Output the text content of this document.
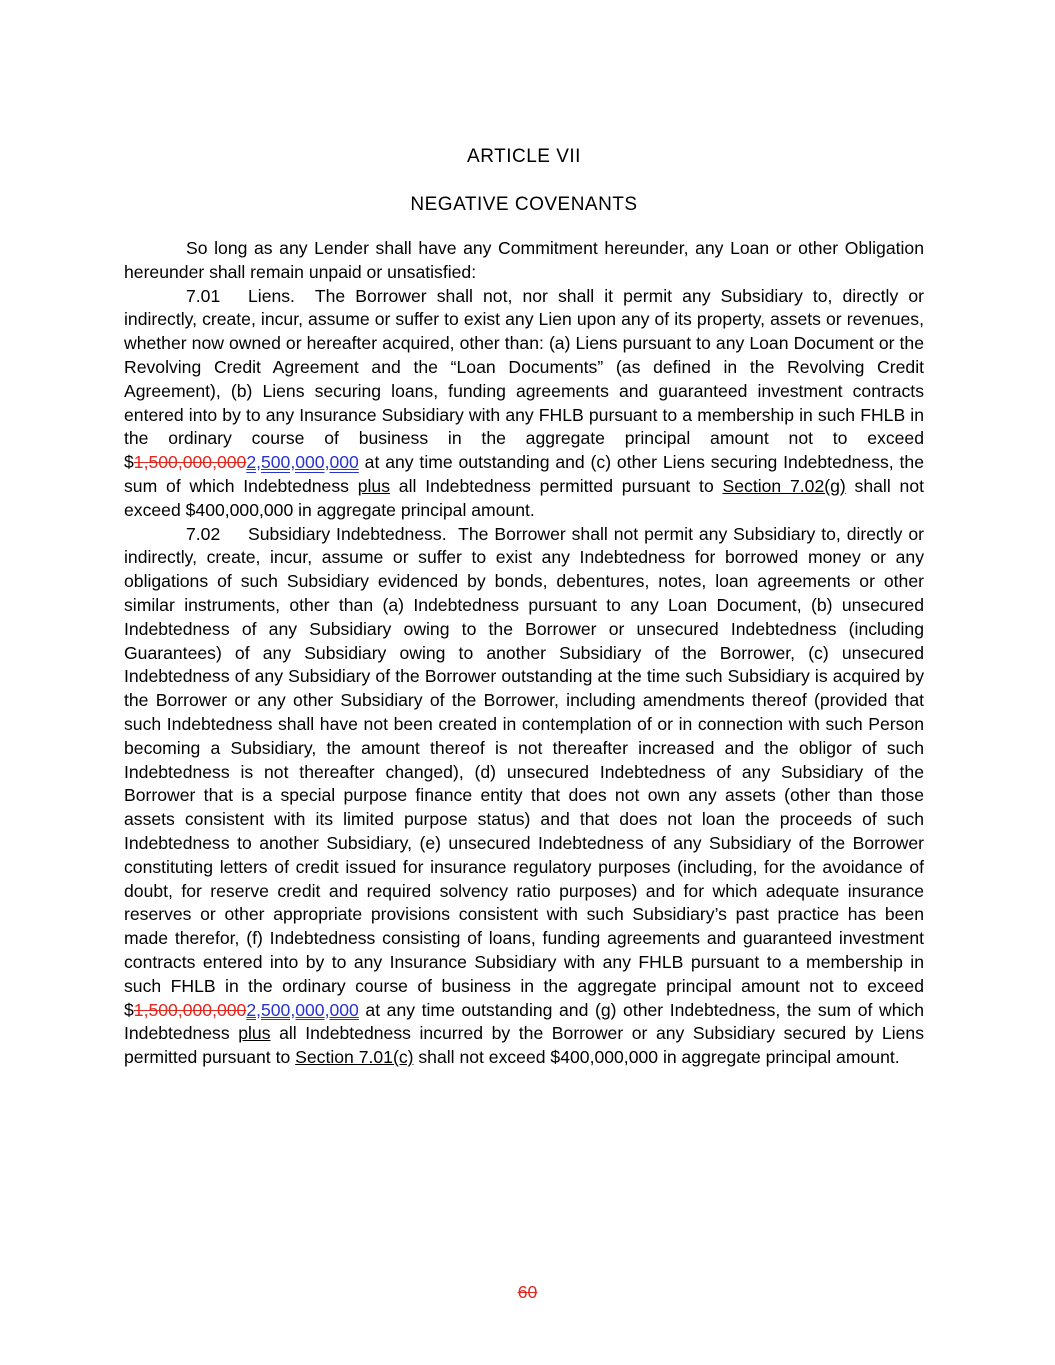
ARTICLE VII

NEGATIVE COVENANTS

So long as any Lender shall have any Commitment hereunder, any Loan or other Obligation hereunder shall remain unpaid or unsatisfied:

7.01 Liens. The Borrower shall not, nor shall it permit any Subsidiary to, directly or indirectly, create, incur, assume or suffer to exist any Lien upon any of its property, assets or revenues, whether now owned or hereafter acquired, other than: (a) Liens pursuant to any Loan Document or the Revolving Credit Agreement and the “Loan Documents” (as defined in the Revolving Credit Agreement), (b) Liens securing loans, funding agreements and guaranteed investment contracts entered into by to any Insurance Subsidiary with any FHLB pursuant to a membership in such FHLB in the ordinary course of business in the aggregate principal amount not to exceed $1,500,000,0002,500,000,000 at any time outstanding and (c) other Liens securing Indebtedness, the sum of which Indebtedness plus all Indebtedness permitted pursuant to Section 7.02(g) shall not exceed $400,000,000 in aggregate principal amount.

7.02 Subsidiary Indebtedness. The Borrower shall not permit any Subsidiary to, directly or indirectly, create, incur, assume or suffer to exist any Indebtedness for borrowed money or any obligations of such Subsidiary evidenced by bonds, debentures, notes, loan agreements or other similar instruments, other than (a) Indebtedness pursuant to any Loan Document, (b) unsecured Indebtedness of any Subsidiary owing to the Borrower or unsecured Indebtedness (including Guarantees) of any Subsidiary owing to another Subsidiary of the Borrower, (c) unsecured Indebtedness of any Subsidiary of the Borrower outstanding at the time such Subsidiary is acquired by the Borrower or any other Subsidiary of the Borrower, including amendments thereof (provided that such Indebtedness shall have not been created in contemplation of or in connection with such Person becoming a Subsidiary, the amount thereof is not thereafter increased and the obligor of such Indebtedness is not thereafter changed), (d) unsecured Indebtedness of any Subsidiary of the Borrower that is a special purpose finance entity that does not own any assets (other than those assets consistent with its limited purpose status) and that does not loan the proceeds of such Indebtedness to another Subsidiary, (e) unsecured Indebtedness of any Subsidiary of the Borrower constituting letters of credit issued for insurance regulatory purposes (including, for the avoidance of doubt, for reserve credit and required solvency ratio purposes) and for which adequate insurance reserves or other appropriate provisions consistent with such Subsidiary’s past practice has been made therefor, (f) Indebtedness consisting of loans, funding agreements and guaranteed investment contracts entered into by to any Insurance Subsidiary with any FHLB pursuant to a membership in such FHLB in the ordinary course of business in the aggregate principal amount not to exceed $1,500,000,0002,500,000,000 at any time outstanding and (g) other Indebtedness, the sum of which Indebtedness plus all Indebtedness incurred by the Borrower or any Subsidiary secured by Liens permitted pursuant to Section 7.01(c) shall not exceed $400,000,000 in aggregate principal amount.

60
